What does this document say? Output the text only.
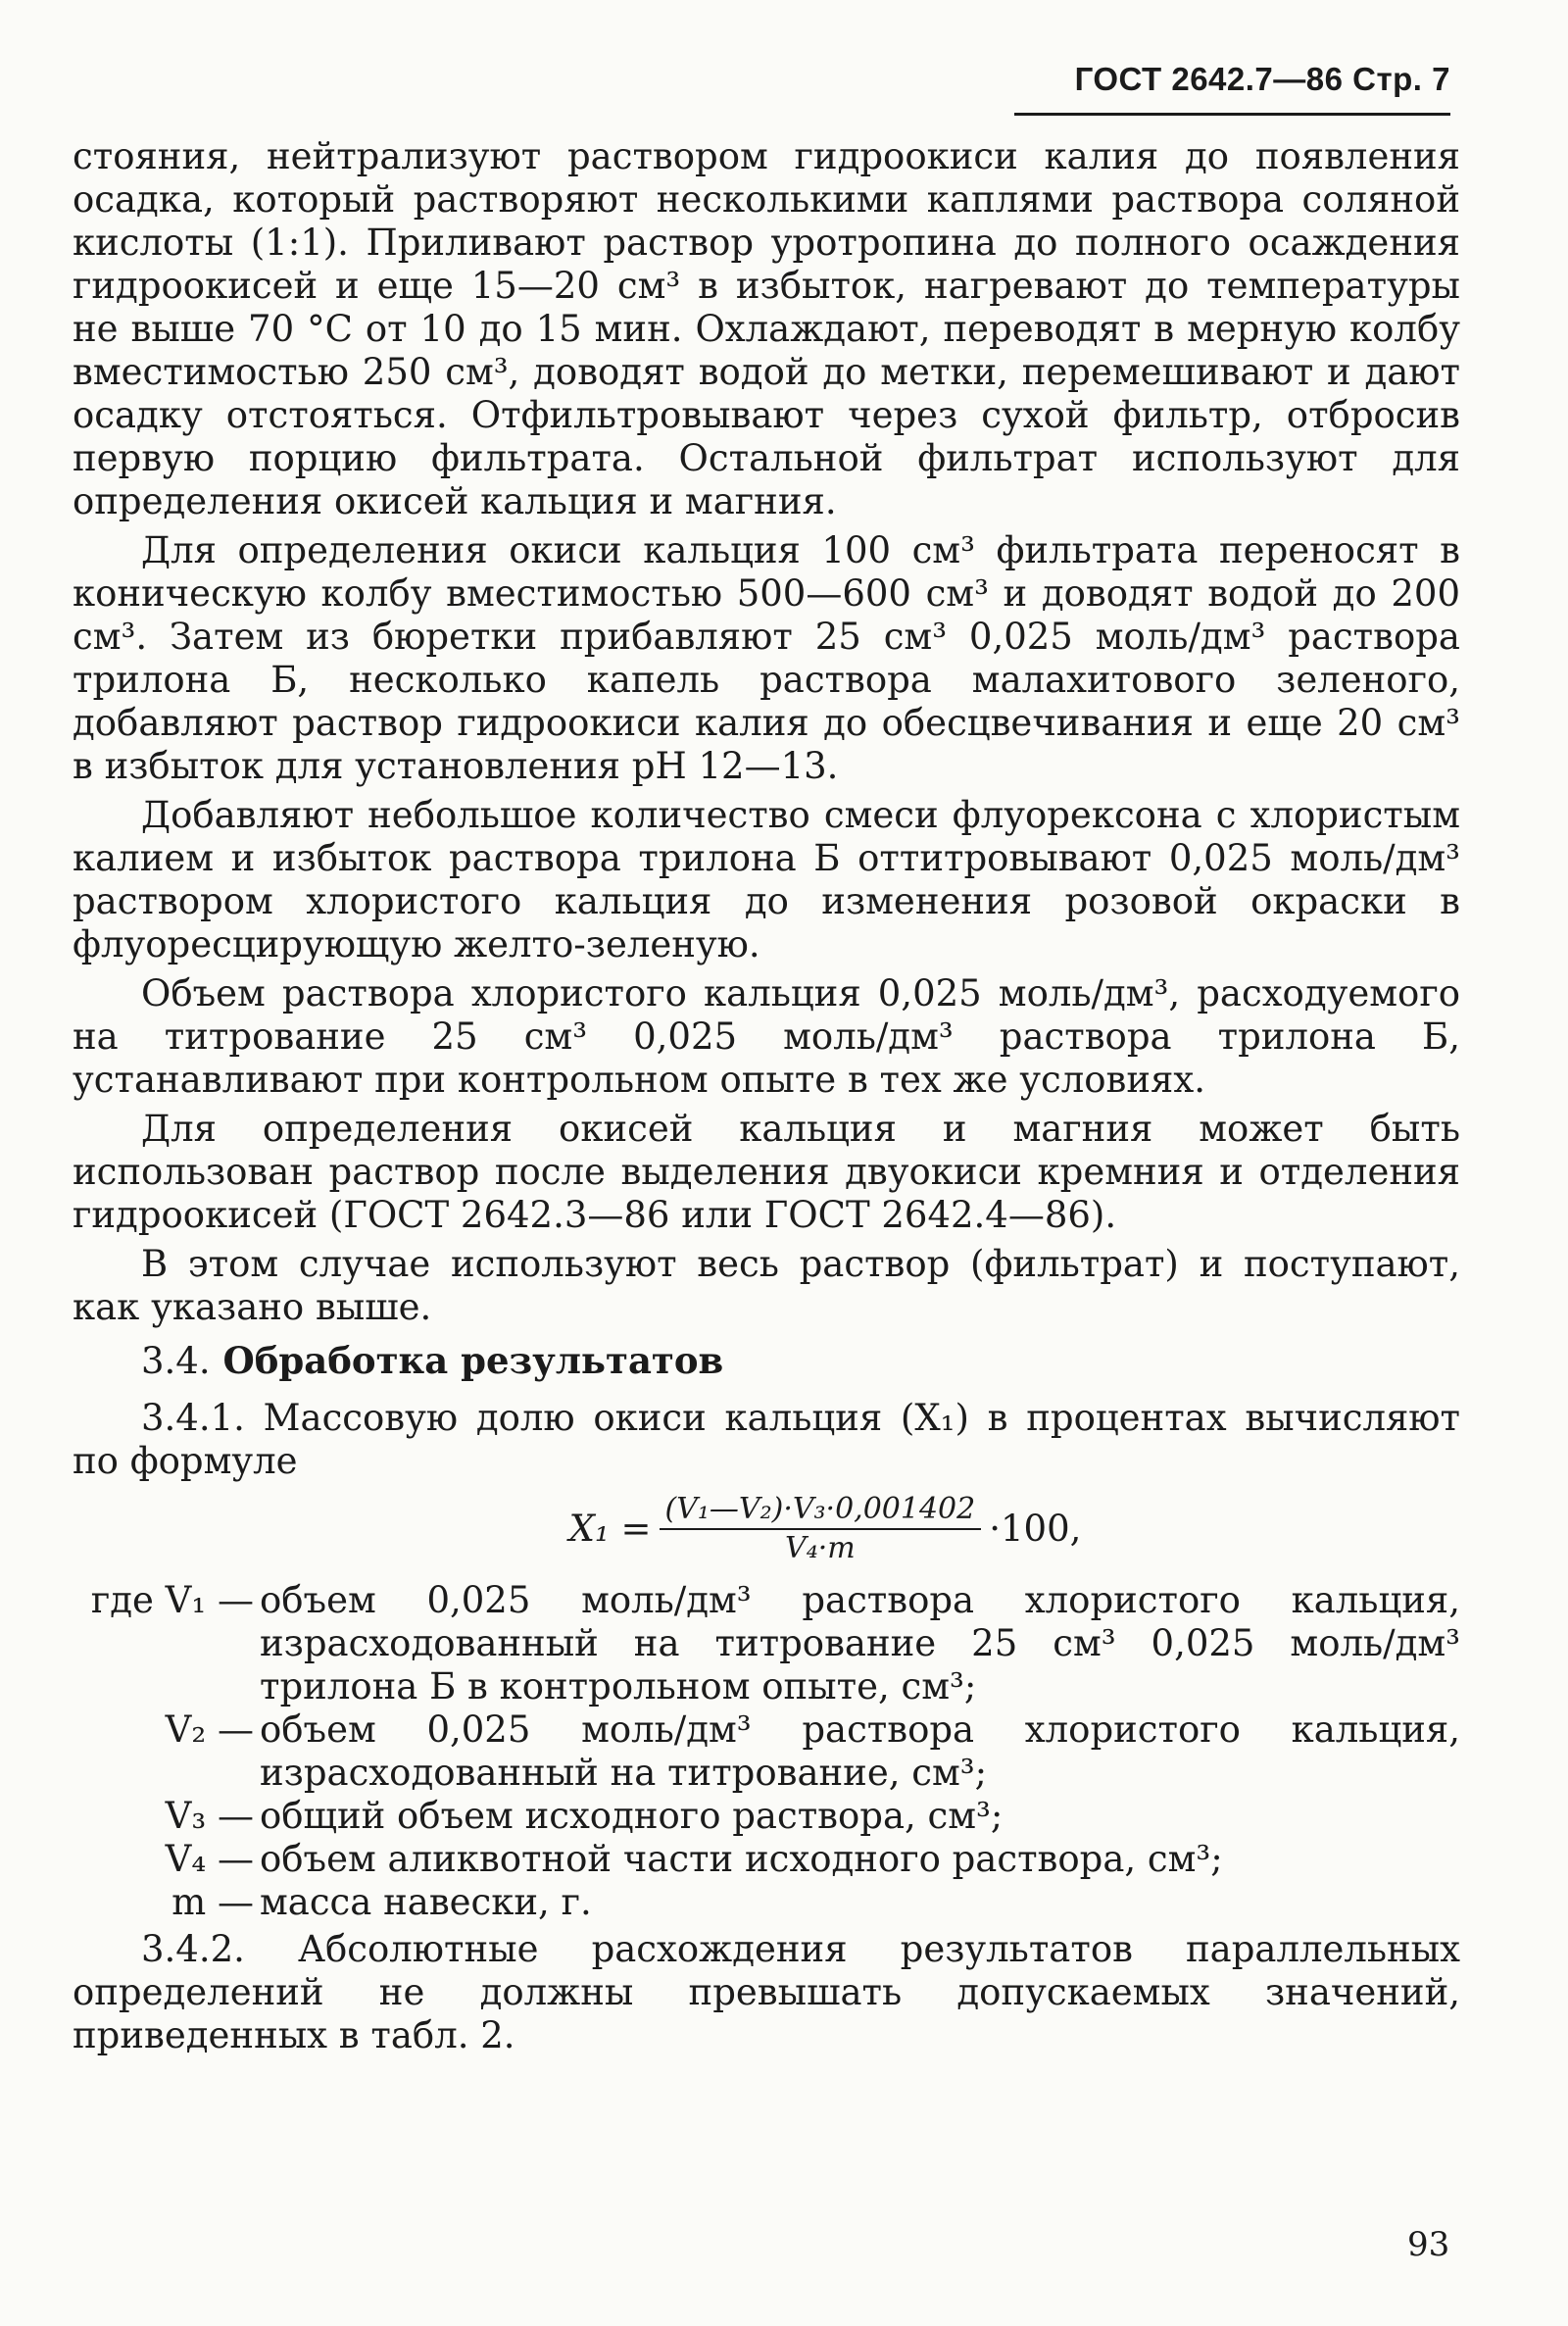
ГОСТ 2642.7—86 Стр. 7

стояния, нейтрализуют раствором гидроокиси калия до появления осадка, который растворяют несколькими каплями раствора соляной кислоты (1:1). Приливают раствор уротропина до полного осаждения гидроокисей и еще 15—20 см³ в избыток, нагревают до температуры не выше 70 °С от 10 до 15 мин. Охлаждают, переводят в мерную колбу вместимостью 250 см³, доводят водой до метки, перемешивают и дают осадку отстояться. Отфильтровывают через сухой фильтр, отбросив первую порцию фильтрата. Остальной фильтрат используют для определения окисей кальция и магния.

Для определения окиси кальция 100 см³ фильтрата переносят в коническую колбу вместимостью 500—600 см³ и доводят водой до 200 см³. Затем из бюретки прибавляют 25 см³ 0,025 моль/дм³ раствора трилона Б, несколько капель раствора малахитового зеленого, добавляют раствор гидроокиси калия до обесцвечивания и еще 20 см³ в избыток для установления рН 12—13.

Добавляют небольшое количество смеси флуорексона с хлористым калием и избыток раствора трилона Б оттитровывают 0,025 моль/дм³ раствором хлористого кальция до изменения розовой окраски в флуоресцирующую желто-зеленую.

Объем раствора хлористого кальция 0,025 моль/дм³, расходуемого на титрование 25 см³ 0,025 моль/дм³ раствора трилона Б, устанавливают при контрольном опыте в тех же условиях.

Для определения окисей кальция и магния может быть использован раствор после выделения двуокиси кремния и отделения гидроокисей (ГОСТ 2642.3—86 или ГОСТ 2642.4—86).

В этом случае используют весь раствор (фильтрат) и поступают, как указано выше.

3.4. Обработка результатов

3.4.1. Массовую долю окиси кальция (X₁) в процентах вычисляют по формуле

$X_1 = \frac{\text{(V₁—V₂)·V₃·0,001402}}{\text{V₄·m}} \cdot 100$,
где V₁ — объем 0,025 моль/дм³ раствора хлористого кальция, израсходованный на титрование 25 см³ 0,025 моль/дм³ трилона Б в контрольном опыте, см³;
V₂ — объем 0,025 моль/дм³ раствора хлористого кальция, израсходованный на титрование, см³;
V₃ — общий объем исходного раствора, см³;
V₄ — объем аликвотной части исходного раствора, см³;
m — масса навески, г.

3.4.2. Абсолютные расхождения результатов параллельных определений не должны превышать допускаемых значений, приведенных в табл. 2.

93
